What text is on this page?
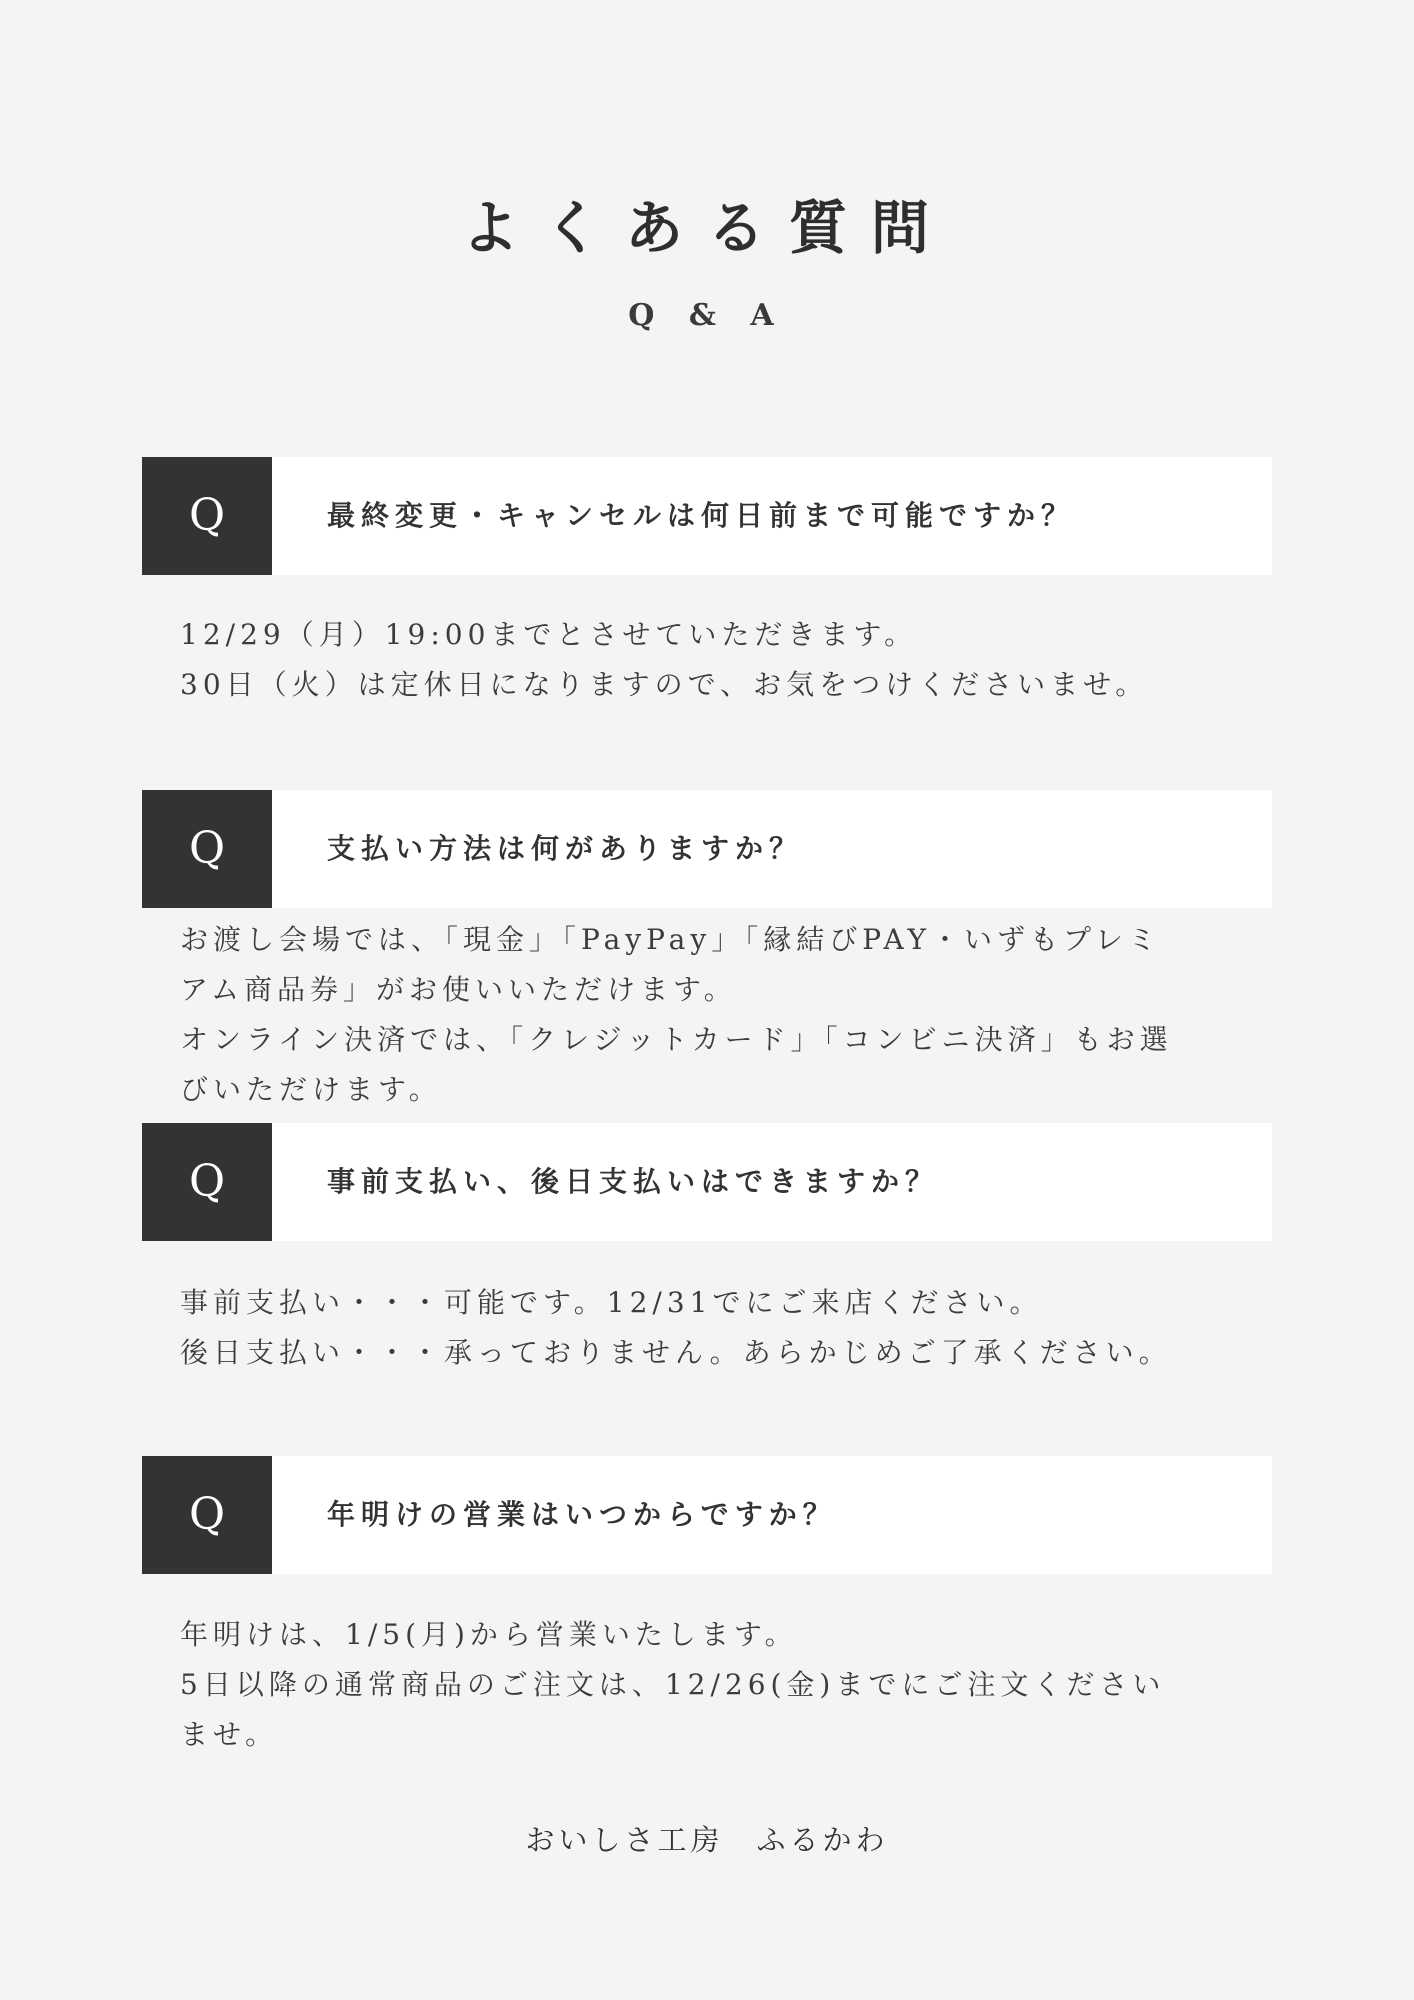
よくある質問
Q & A
Q	最終変更・キャンセルは何日前まで可能ですか？
12/29（月）19:00までとさせていただきます。
30日（火）は定休日になりますので、お気をつけくださいませ。
Q	支払い方法は何がありますか？
お渡し会場では、「現金」「PayPay」「縁結びPAY・いずもプレミ
アム商品券」がお使いいただけます。
オンライン決済では、「クレジットカード」「コンビニ決済」もお選
びいただけます。
Q	事前支払い、後日支払いはできますか？
事前支払い・・・可能です。12/31でにご来店ください。
後日支払い・・・承っておりません。あらかじめご了承ください。
Q	年明けの営業はいつからですか？
年明けは、1/5(月)から営業いたします。
5日以降の通常商品のご注文は、12/26(金)までにご注文ください
ませ。
おいしさ工房　ふるかわ
